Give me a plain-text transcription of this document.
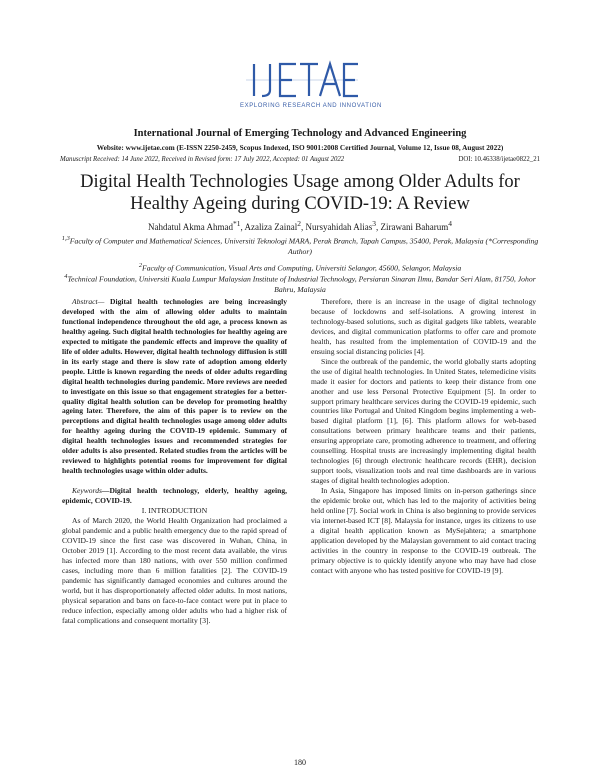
EXPLORING RESEARCH AND INNOVATION
International Journal of Emerging Technology and Advanced Engineering
Website: www.ijetae.com (E-ISSN 2250-2459, Scopus Indexed, ISO 9001:2008 Certified Journal, Volume 12, Issue 08, August 2022)
Manuscript Received: 14 June 2022, Received in Revised form: 17 July 2022, Accepted: 01 August 2022	DOI: 10.46338/ijetae0822_21
Digital Health Technologies Usage among Older Adults for
Healthy Ageing during COVID-19: A Review
Nahdatul Akma Ahmad$^{*1}$, Azaliza Zainal$^2$, Nursyahidah Alias$^3$, Zirawani Baharum$^4$
$^{1,3}$Faculty of Computer and Mathematical Sciences, Universiti Teknologi MARA, Perak Branch, Tapah Campus, 35400, Perak, Malaysia (*Corresponding Author)
$^2$Faculty of Communication, Visual Arts and Computing, Universiti Selangor, 45600, Selangor, Malaysia
$^4$Technical Foundation, Universiti Kuala Lumpur Malaysian Institute of Industrial Technology, Persiaran Sinaran Ilmu, Bandar Seri Alam, 81750, Johor Bahru, Malaysia

Abstract— Digital health technologies are being increasingly developed with the aim of allowing older adults to maintain functional independence throughout the old age, a process known as healthy ageing. Such digital health technologies for healthy ageing are expected to mitigate the pandemic effects and improve the quality of life of older adults. However, digital health technology diffusion is still in its early stage and there is slow rate of adoption among elderly people. Little is known regarding the needs of older adults regarding digital health technologies during pandemic. More reviews are needed to investigate on this issue so that engagement strategies for a better-quality digital health solution can be develop for promoting healthy ageing later. Therefore, the aim of this paper is to review on the perceptions and digital health technologies usage among older adults for healthy ageing during the COVID-19 epidemic. Summary of digital health technologies issues and recommended strategies for older adults is also presented. Related studies from the articles will be reviewed to highlights potential rooms for improvement for digital health technologies usage within older adults.

Keywords—Digital health technology, elderly, healthy ageing, epidemic, COVID-19.

I. INTRODUCTION

As of March 2020, the World Health Organization had proclaimed a global pandemic and a public health emergency due to the rapid spread of COVID-19 since the first case was discovered in Wuhan, China, in October 2019 [1]. According to the most recent data available, the virus has infected more than 180 nations, with over 550 million confirmed cases, including more than 6 million fatalities [2]. The COVID-19 pandemic has significantly damaged economies and cultures around the world, but it has disproportionately affected older adults. In most nations, physical separation and bans on face-to-face contact were put in place to reduce infection, especially among older adults who had a higher risk of fatal complications and consequent mortality [3].

Therefore, there is an increase in the usage of digital technology because of lockdowns and self-isolations. A growing interest in technology-based solutions, such as digital gadgets like tablets, wearable devices, and digital communication platforms to offer care and promote health, has resulted from the implementation of COVID-19 and the ensuing social distancing policies [4].

Since the outbreak of the pandemic, the world globally starts adopting the use of digital health technologies. In United States, telemedicine visits made it easier for doctors and patients to keep their distance from one another and use less Personal Protective Equipment [5]. In order to support primary healthcare services during the COVID-19 epidemic, such countries like Portugal and United Kingdom begins implementing a web-based digital platform [1], [6]. This platform allows for web-based consultations between primary healthcare teams and their patients, ensuring appropriate care, promoting adherence to treatment, and offering counselling. Hospital trusts are increasingly implementing digital health technologies [6] through electronic healthcare records (EHR), decision support tools, visualization tools and real time dashboards are in various stages of digital health technologies adoption.

In Asia, Singapore has imposed limits on in-person gatherings since the epidemic broke out, which has led to the majority of activities being held online [7]. Social work in China is also beginning to provide services via internet-based ICT [8]. Malaysia for instance, urges its citizens to use a digital health application known as MySejahtera; a smartphone application developed by the Malaysian government to aid contact tracing activities in the country in response to the COVID-19 outbreak. The primary objective is to quickly identify anyone who may have had close contact with anyone who has tested positive for COVID-19 [9].

180
